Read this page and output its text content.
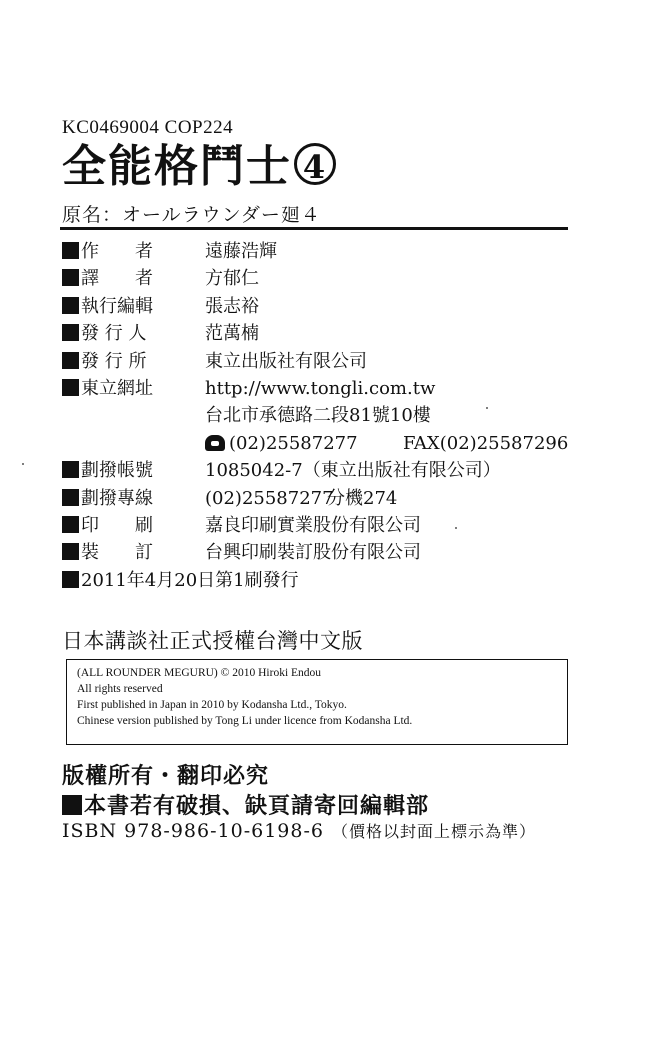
KC0469004 COP224
全能格鬥士 4
原名：オールラウンダー廻４
作　　者	遠藤浩輝
譯　　者	方郁仁
執行編輯	張志裕
發 行 人	范萬楠
發 行 所	東立出版社有限公司
東立網址	http://www.tongli.com.tw
台北市承德路二段81號10樓
(02)25587277	FAX(02)25587296
劃撥帳號	1085042-7（東立出版社有限公司）
劃撥專線	(02)25587277
分機274
印　　刷	嘉良印刷實業股份有限公司
裝　　訂	台興印刷裝訂股份有限公司
2011年4月20日第1刷發行
日本講談社正式授權台灣中文版
(ALL ROUNDER MEGURU) © 2010 Hiroki Endou
All rights reserved
First published in Japan in 2010 by Kodansha Ltd., Tokyo.
Chinese version published by Tong Li under licence from Kodansha Ltd.
版權所有・翻印必究
本書若有破損、缺頁請寄回編輯部
ISBN 978-986-10-6198-6 （價格以封面上標示為準）
